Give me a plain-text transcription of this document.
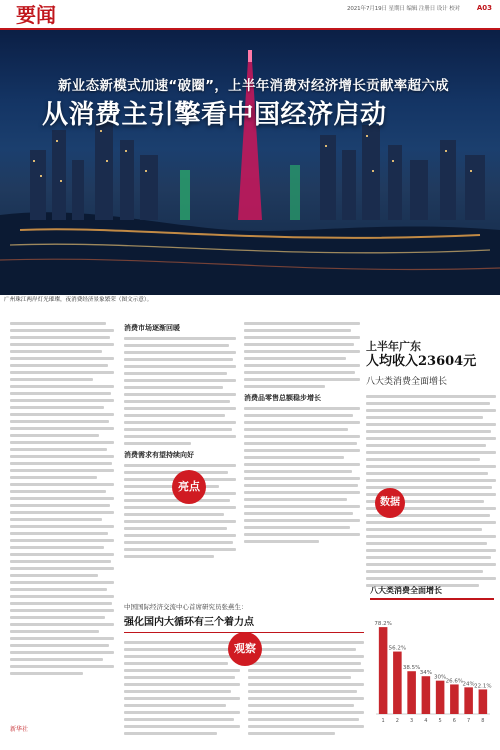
要闻	2021年7月19日 星期日 编辑 注册日 设计 校对 A03
新业态新模式加速“破圈”，上半年消费对经济增长贡献率超六成
从消费主引擎看中国经济启动
广州珠江两岸灯光璀璨，夜消费经济景象繁荣（图文示意）。
消费市场逐渐回暖
消费需求有望持续向好
亮点
消费品零售总额稳步增长
上半年广东
人均收入23604元
八大类消费全面增长
数据
中国国际经济交流中心首席研究员张燕生：
强化国内大循环有三个着力点
观察
八大类消费全面增长
78.2%
1
56.2%
2
38.5%
3
34%
4
30%
5
26.6%
6
24%
7
22.1%
8
新华社
